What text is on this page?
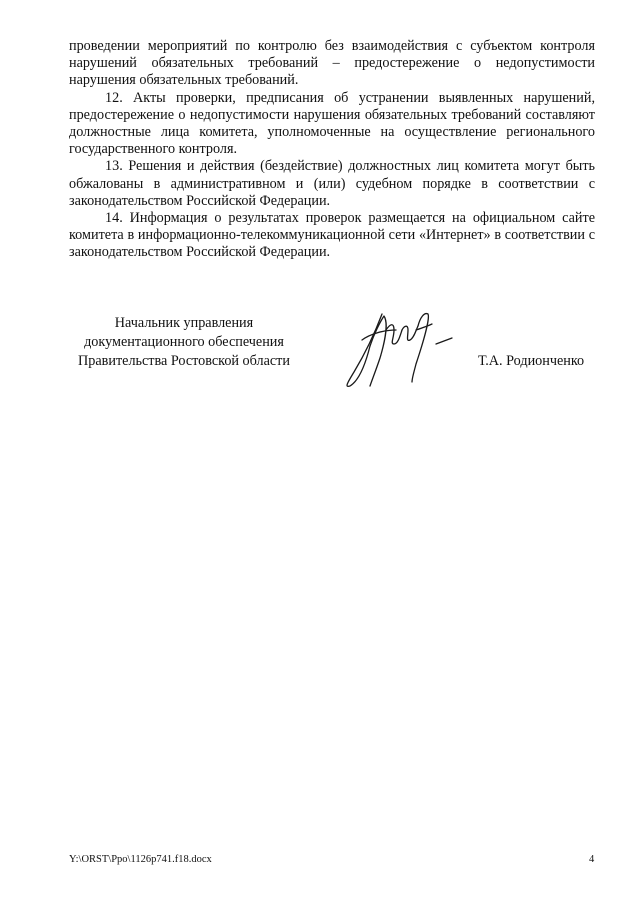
проведении мероприятий по контролю без взаимодействия с субъектом контроля нарушений обязательных требований – предостережение о недопустимости нарушения обязательных требований.

12. Акты проверки, предписания об устранении выявленных нарушений, предостережение о недопустимости нарушения обязательных требований составляют должностные лица комитета, уполномоченные на осуществление регионального государственного контроля.

13. Решения и действия (бездействие) должностных лиц комитета могут быть обжалованы в административном и (или) судебном порядке в соответствии с законодательством Российской Федерации.

14. Информация о результатах проверок размещается на официальном сайте комитета в информационно-телекоммуникационной сети «Интернет» в соответствии с законодательством Российской Федерации.

Начальник управления
документационного обеспечения
Правительства Ростовской области	Т.А. Родионченко
Y:\ORST\Ppo\1126p741.f18.docx	4
